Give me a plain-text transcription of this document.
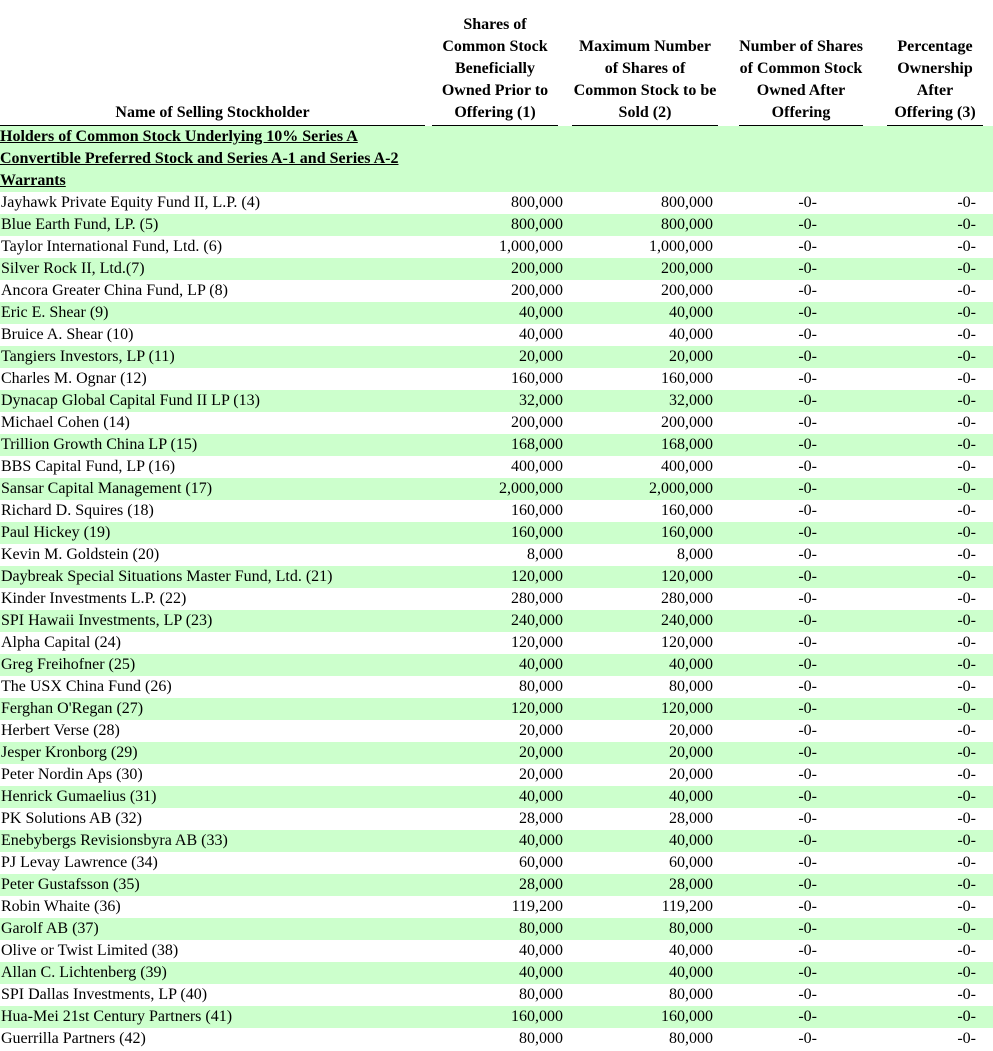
Name of Selling Stockholder	Shares of Common Stock Beneficially Owned Prior to Offering (1)	Maximum Number of Shares of Common Stock to be Sold (2)	Number of Shares of Common Stock Owned After Offering	Percentage Ownership After Offering (3)
Holders of Common Stock Underlying 10% Series A Convertible Preferred Stock and Series A-1 and Series A-2 Warrants				
Jayhawk Private Equity Fund II, L.P. (4)	800,000	800,000	-0-	-0-
Blue Earth Fund, LP. (5)	800,000	800,000	-0-	-0-
Taylor International Fund, Ltd. (6)	1,000,000	1,000,000	-0-	-0-
Silver Rock II, Ltd.(7)	200,000	200,000	-0-	-0-
Ancora Greater China Fund, LP (8)	200,000	200,000	-0-	-0-
Eric E. Shear (9)	40,000	40,000	-0-	-0-
Bruice A. Shear (10)	40,000	40,000	-0-	-0-
Tangiers Investors, LP (11)	20,000	20,000	-0-	-0-
Charles M. Ognar (12)	160,000	160,000	-0-	-0-
Dynacap Global Capital Fund II LP (13)	32,000	32,000	-0-	-0-
Michael Cohen (14)	200,000	200,000	-0-	-0-
Trillion Growth China LP (15)	168,000	168,000	-0-	-0-
BBS Capital Fund, LP (16)	400,000	400,000	-0-	-0-
Sansar Capital Management (17)	2,000,000	2,000,000	-0-	-0-
Richard D. Squires (18)	160,000	160,000	-0-	-0-
Paul Hickey (19)	160,000	160,000	-0-	-0-
Kevin M. Goldstein (20)	8,000	8,000	-0-	-0-
Daybreak Special Situations Master Fund, Ltd. (21)	120,000	120,000	-0-	-0-
Kinder Investments L.P. (22)	280,000	280,000	-0-	-0-
SPI Hawaii Investments, LP (23)	240,000	240,000	-0-	-0-
Alpha Capital (24)	120,000	120,000	-0-	-0-
Greg Freihofner (25)	40,000	40,000	-0-	-0-
The USX China Fund (26)	80,000	80,000	-0-	-0-
Ferghan O'Regan (27)	120,000	120,000	-0-	-0-
Herbert Verse (28)	20,000	20,000	-0-	-0-
Jesper Kronborg (29)	20,000	20,000	-0-	-0-
Peter Nordin Aps (30)	20,000	20,000	-0-	-0-
Henrick Gumaelius (31)	40,000	40,000	-0-	-0-
PK Solutions AB (32)	28,000	28,000	-0-	-0-
Enebybergs Revisionsbyra AB (33)	40,000	40,000	-0-	-0-
PJ Levay Lawrence (34)	60,000	60,000	-0-	-0-
Peter Gustafsson (35)	28,000	28,000	-0-	-0-
Robin Whaite (36)	119,200	119,200	-0-	-0-
Garolf AB (37)	80,000	80,000	-0-	-0-
Olive or Twist Limited (38)	40,000	40,000	-0-	-0-
Allan C. Lichtenberg (39)	40,000	40,000	-0-	-0-
SPI Dallas Investments, LP (40)	80,000	80,000	-0-	-0-
Hua-Mei 21st Century Partners (41)	160,000	160,000	-0-	-0-
Guerrilla Partners (42)	80,000	80,000	-0-	-0-
